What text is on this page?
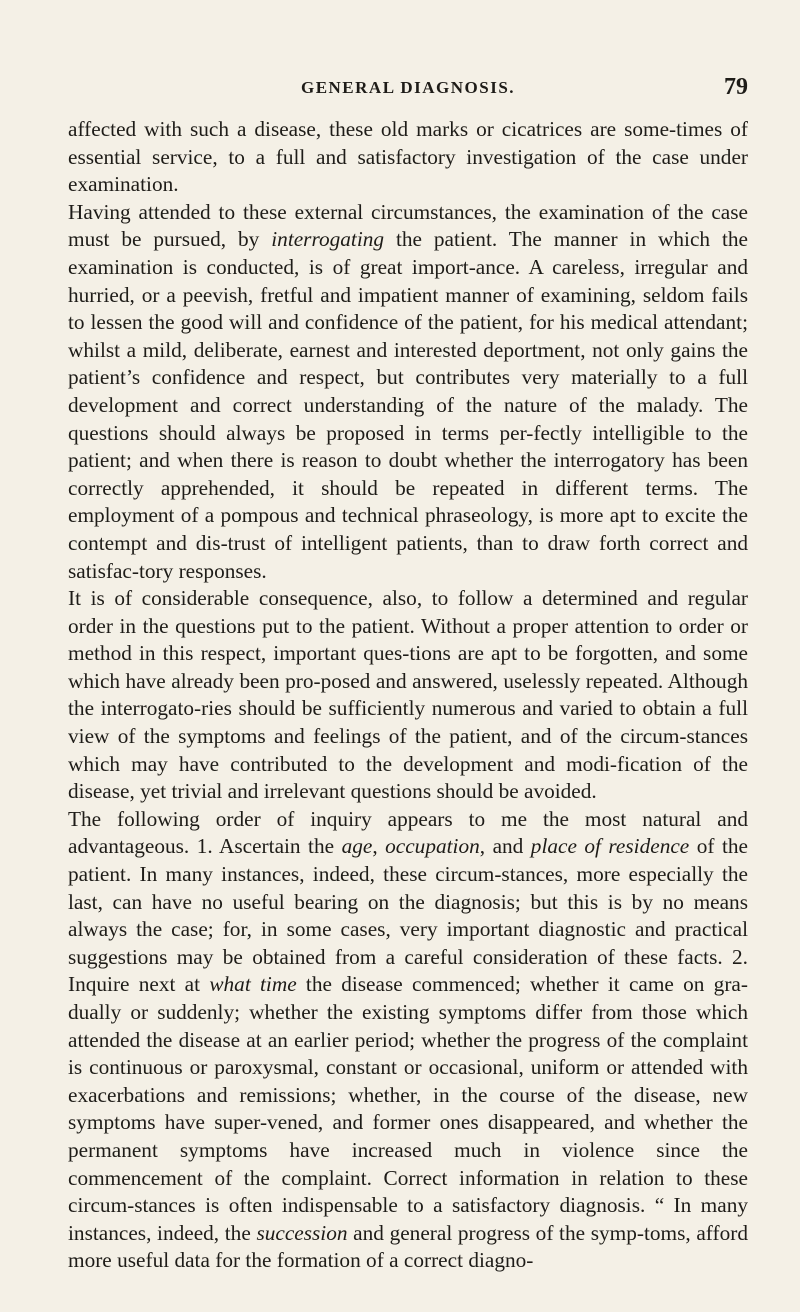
GENERAL DIAGNOSIS.	79

affected with such a disease, these old marks or cicatrices are some-times of essential service, to a full and satisfactory investigation of the case under examination.

Having attended to these external circumstances, the examination of the case must be pursued, by interrogating the patient. The manner in which the examination is conducted, is of great import-ance. A careless, irregular and hurried, or a peevish, fretful and impatient manner of examining, seldom fails to lessen the good will and confidence of the patient, for his medical attendant; whilst a mild, deliberate, earnest and interested deportment, not only gains the patient’s confidence and respect, but contributes very materially to a full development and correct understanding of the nature of the malady. The questions should always be proposed in terms per-fectly intelligible to the patient; and when there is reason to doubt whether the interrogatory has been correctly apprehended, it should be repeated in different terms. The employment of a pompous and technical phraseology, is more apt to excite the contempt and dis-trust of intelligent patients, than to draw forth correct and satisfac-tory responses.

It is of considerable consequence, also, to follow a determined and regular order in the questions put to the patient. Without a proper attention to order or method in this respect, important ques-tions are apt to be forgotten, and some which have already been pro-posed and answered, uselessly repeated. Although the interrogato-ries should be sufficiently numerous and varied to obtain a full view of the symptoms and feelings of the patient, and of the circum-stances which may have contributed to the development and modi-fication of the disease, yet trivial and irrelevant questions should be avoided.

The following order of inquiry appears to me the most natural and advantageous. 1. Ascertain the age, occupation, and place of residence of the patient. In many instances, indeed, these circum-stances, more especially the last, can have no useful bearing on the diagnosis; but this is by no means always the case; for, in some cases, very important diagnostic and practical suggestions may be obtained from a careful consideration of these facts. 2. Inquire next at what time the disease commenced; whether it came on gra-dually or suddenly; whether the existing symptoms differ from those which attended the disease at an earlier period; whether the progress of the complaint is continuous or paroxysmal, constant or occasional, uniform or attended with exacerbations and remissions; whether, in the course of the disease, new symptoms have super-vened, and former ones disappeared, and whether the permanent symptoms have increased much in violence since the commencement of the complaint. Correct information in relation to these circum-stances is often indispensable to a satisfactory diagnosis. “ In many instances, indeed, the succession and general progress of the symp-toms, afford more useful data for the formation of a correct diagno-
